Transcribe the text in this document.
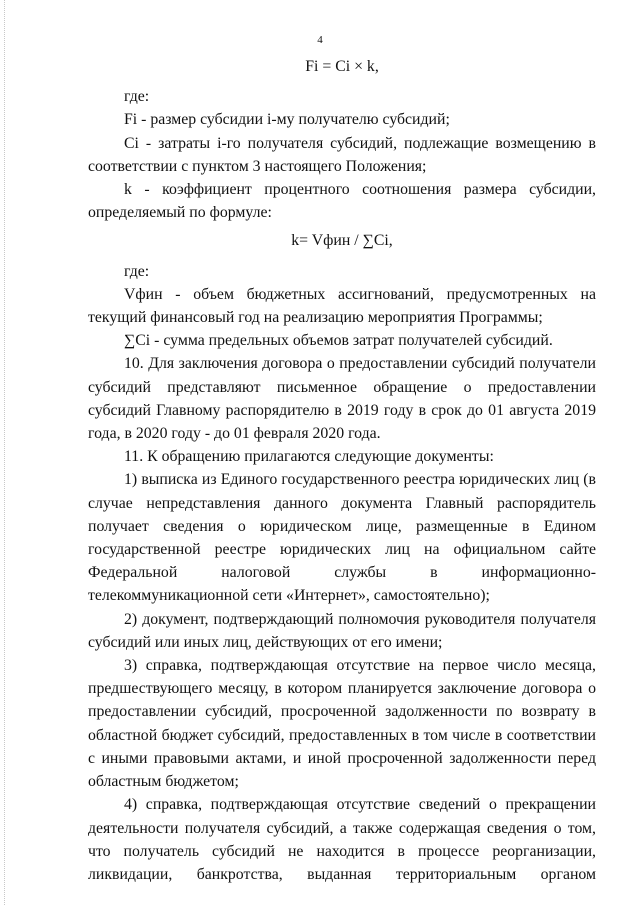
4

Fi = Ci × k,

где:

Fi - размер субсидии i-му получателю субсидий;

Ci - затраты i-го получателя субсидий, подлежащие возмещению в соответствии с пунктом 3 настоящего Положения;

k - коэффициент процентного соотношения размера субсидии, определяемый по формуле:

k= Vфин / ∑Ci,

где:

Vфин - объем бюджетных ассигнований, предусмотренных на текущий финансовый год на реализацию мероприятия Программы;

∑Ci - сумма предельных объемов затрат получателей субсидий.

10. Для заключения договора о предоставлении субсидий получатели субсидий представляют письменное обращение о предоставлении субсидий Главному распорядителю в 2019 году в срок до 01 августа 2019 года, в 2020 году - до 01 февраля 2020 года.

11. К обращению прилагаются следующие документы:

1) выписка из Единого государственного реестра юридических лиц (в случае непредставления данного документа Главный распорядитель получает сведения о юридическом лице, размещенные в Едином государственной реестре юридических лиц на официальном сайте Федеральной налоговой службы в информационно-телекоммуникационной сети «Интернет», самостоятельно);

2) документ, подтверждающий полномочия руководителя получателя субсидий или иных лиц, действующих от его имени;

3) справка, подтверждающая отсутствие на первое число месяца, предшествующего месяцу, в котором планируется заключение договора о предоставлении субсидий, просроченной задолженности по возврату в областной бюджет субсидий, предоставленных в том числе в соответствии с иными правовыми актами, и иной просроченной задолженности перед областным бюджетом;

4) справка, подтверждающая отсутствие сведений о прекращении деятельности получателя субсидий, а также содержащая сведения о том, что получатель субсидий не находится в процессе реорганизации, ликвидации, банкротства, выданная территориальным органом
